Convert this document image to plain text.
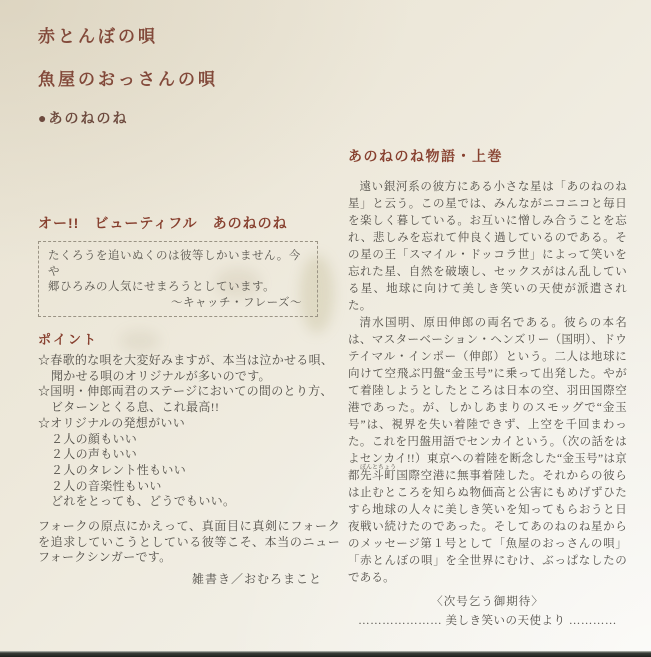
赤とんぼの唄
魚屋のおっさんの唄
●あのねのね
オー!!　ビューティフル　あのねのね
たくろうを追いぬくのは彼等しかいません。今や
郷ひろみの人気にせまろうとしています。
〜キャッチ・フレーズ〜
ポイント
☆春歌的な唄を大変好みますが、本当は泣かせる唄、
聞かせる唄のオリジナルが多いのです。
☆国明・伸郎両君のステージにおいての間のとり方、
ビターンとくる息、これ最高!!
☆オリジナルの発想がいい
２人の顔もいい
２人の声もいい
２人のタレント性もいい
２人の音楽性もいい
どれをとっても、どうでもいい。
フォークの原点にかえって、真面目に真剣にフォークを追求していこうとしている彼等こそ、本当のニューフォークシンガーです。
雑書き／おむろまこと
あのねのね物語・上巻

遠い銀河系の彼方にある小さな星は「あのねのね星」と云う。この星では、みんながニコニコと毎日を楽しく暮している。お互いに憎しみ合うことを忘れ、悲しみを忘れて仲良く過しているのである。その星の王「スマイル・ドッコラ世」によって笑いを忘れた星、自然を破壊し、セックスがはん乱している星、地球に向けて美しき笑いの天使が派遣された。

清水国明、原田伸郎の両名である。彼らの本名は、マスターベーション・ヘンズリー（国明）、ドウテイマル・インポー（伸郎）という。二人は地球に向けて空飛ぶ円盤“金玉号”に乗って出発した。やがて着陸しようとしたところは日本の空、羽田国際空港であった。が、しかしあまりのスモッグで“金玉号”は、視界を失い着陸できず、上空を千回まわった。これを円盤用語でセンカイという。（次の話をはよセンカイ!!）東京への着陸を断念した“金玉号”は京都先斗町ぽんとちょう国際空港に無事着陸した。それからの彼らは止むところを知らぬ物価高と公害にもめげずひたすら地球の人々に美しき笑いを知ってもらおうと日夜戦い続けたのであった。そしてあのねのね星からのメッセージ第１号として「魚屋のおっさんの唄」「赤とんぼの唄」を全世界にむけ、ぶっぱなしたのである。

〈次号乞う御期待〉
………………… 美しき笑いの天使より …………
